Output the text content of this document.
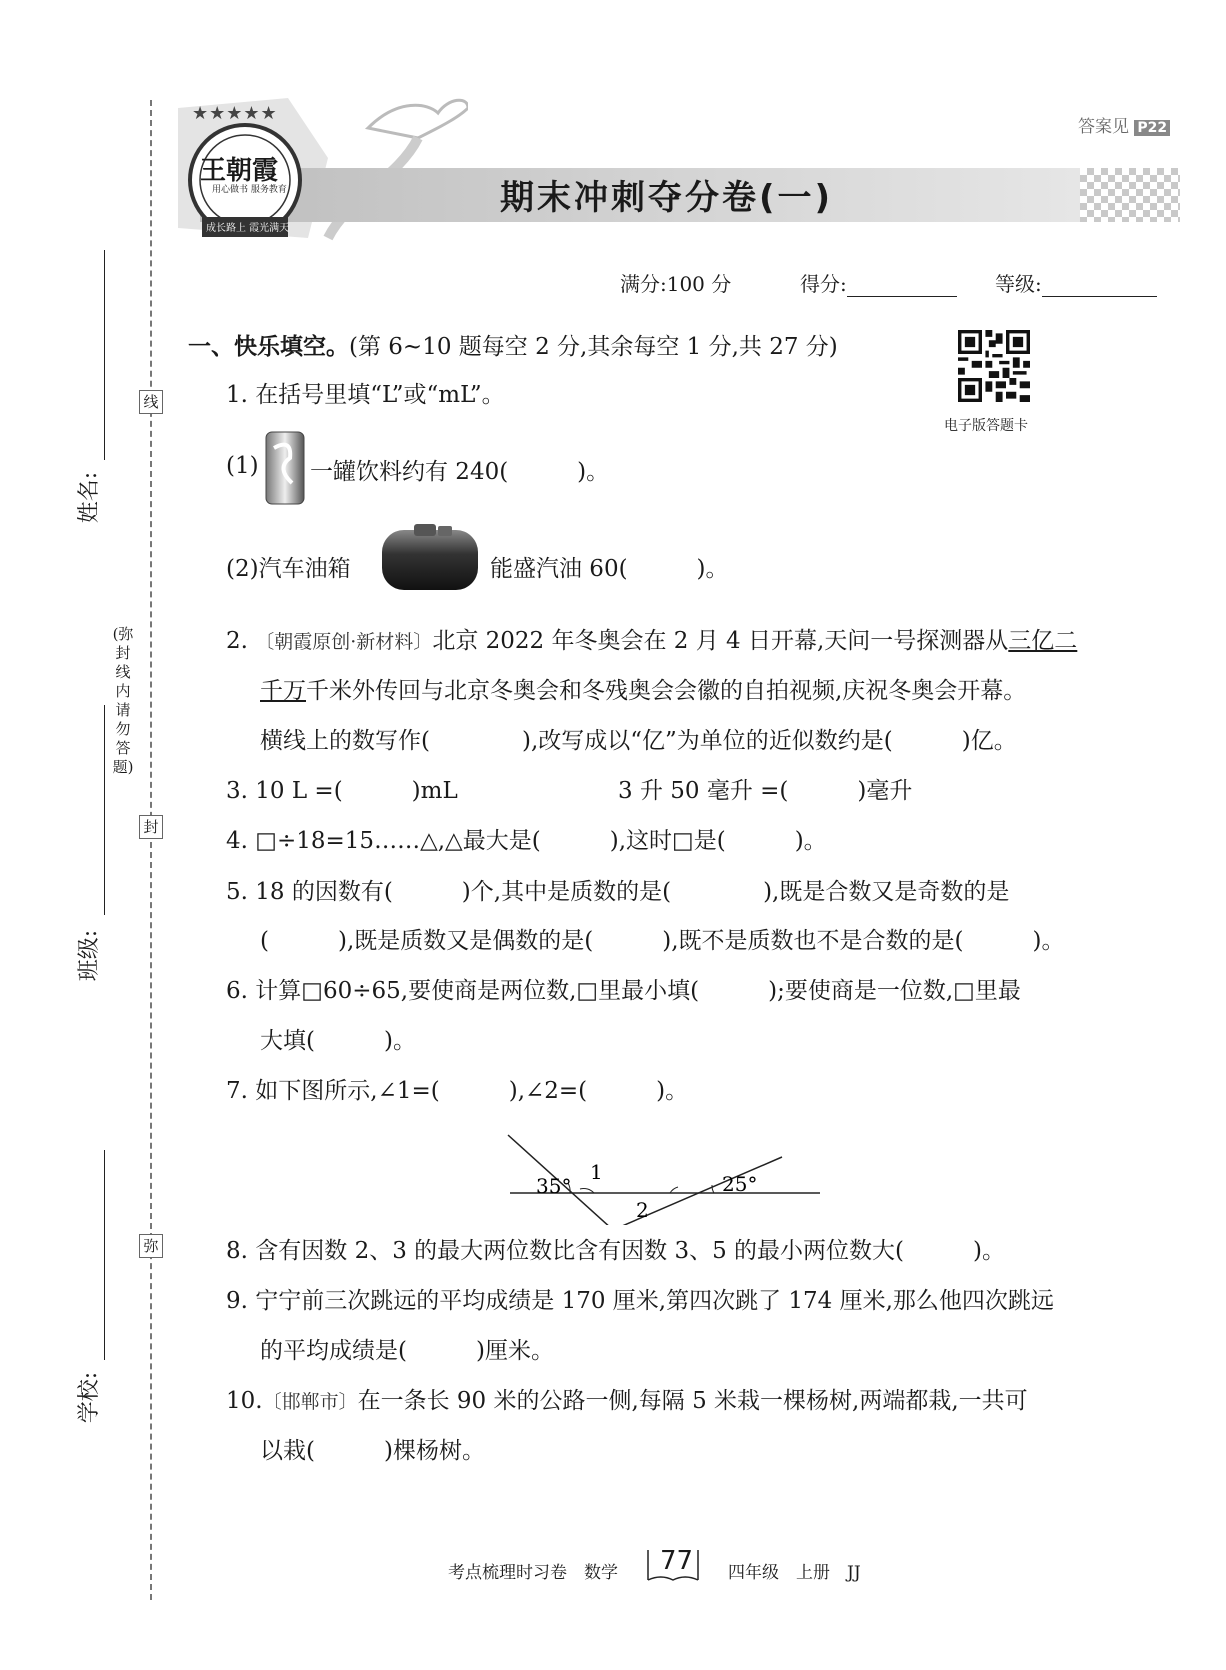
线
封
弥
(弥封线内请勿答题)
姓名:
班级:
学校:
★★★★★
王朝霞
用心做书 服务教育
成长路上 霞光满天
答案见 P22
期末冲刺夺分卷(一)
满分:100 分	得分:	等级:
一、快乐填空。(第 6~10 题每空 2 分,其余每空 1 分,共 27 分)
电子版答题卡
1. 在括号里填“L”或“mL”。
(1) 一罐饮料约有 240(　　　)。
(2)汽车油箱	能盛汽油 60(　　　)。
2. 〔朝霞原创·新材料〕北京 2022 年冬奥会在 2 月 4 日开幕,天问一号探测器从三亿二
千万千米外传回与北京冬奥会和冬残奥会会徽的自拍视频,庆祝冬奥会开幕。
横线上的数写作(　　　　),改写成以“亿”为单位的近似数约是(　　　)亿。
3. 10 L =(　　　)mL	3 升 50 毫升 =(　　　)毫升
4. □÷18=15……△,△最大是(　　　),这时□是(　　　)。
5. 18 的因数有(　　　)个,其中是质数的是(　　　　),既是合数又是奇数的是
(　　　),既是质数又是偶数的是(　　　),既不是质数也不是合数的是(　　　)。
6. 计算□60÷65,要使商是两位数,□里最小填(　　　);要使商是一位数,□里最
大填(　　　)。
7. 如下图所示,∠1=(　　　),∠2=(　　　)。
35°
1
2
25°
8. 含有因数 2、3 的最大两位数比含有因数 3、5 的最小两位数大(　　　)。
9. 宁宁前三次跳远的平均成绩是 170 厘米,第四次跳了 174 厘米,那么他四次跳远
的平均成绩是(　　　)厘米。
10.〔邯郸市〕在一条长 90 米的公路一侧,每隔 5 米栽一棵杨树,两端都栽,一共可
以栽(　　　)棵杨树。
考点梳理时习卷　数学 77 四年级　上册　JJ
